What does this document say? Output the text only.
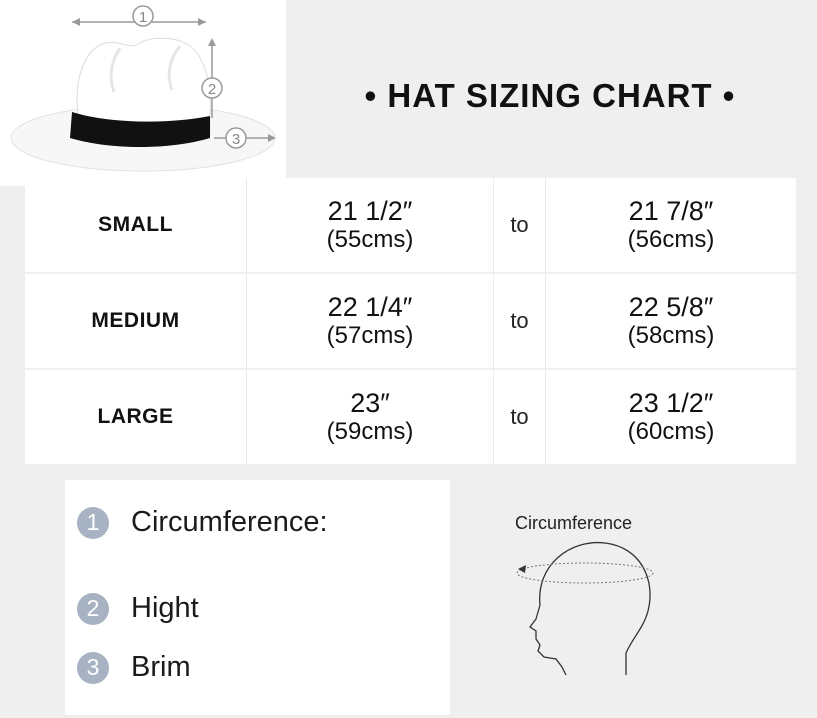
1
2
3
• HAT SIZING CHART •
SMALL	21 1/2″
(55cms)
to	21 7/8″
(56cms)
MEDIUM	22 1/4″
(57cms)
to	22 5/8″
(58cms)
LARGE	23″
(59cms)
to	23 1/2″
(60cms)
1	Circumference:
2	Hight
3	Brim
Circumference
